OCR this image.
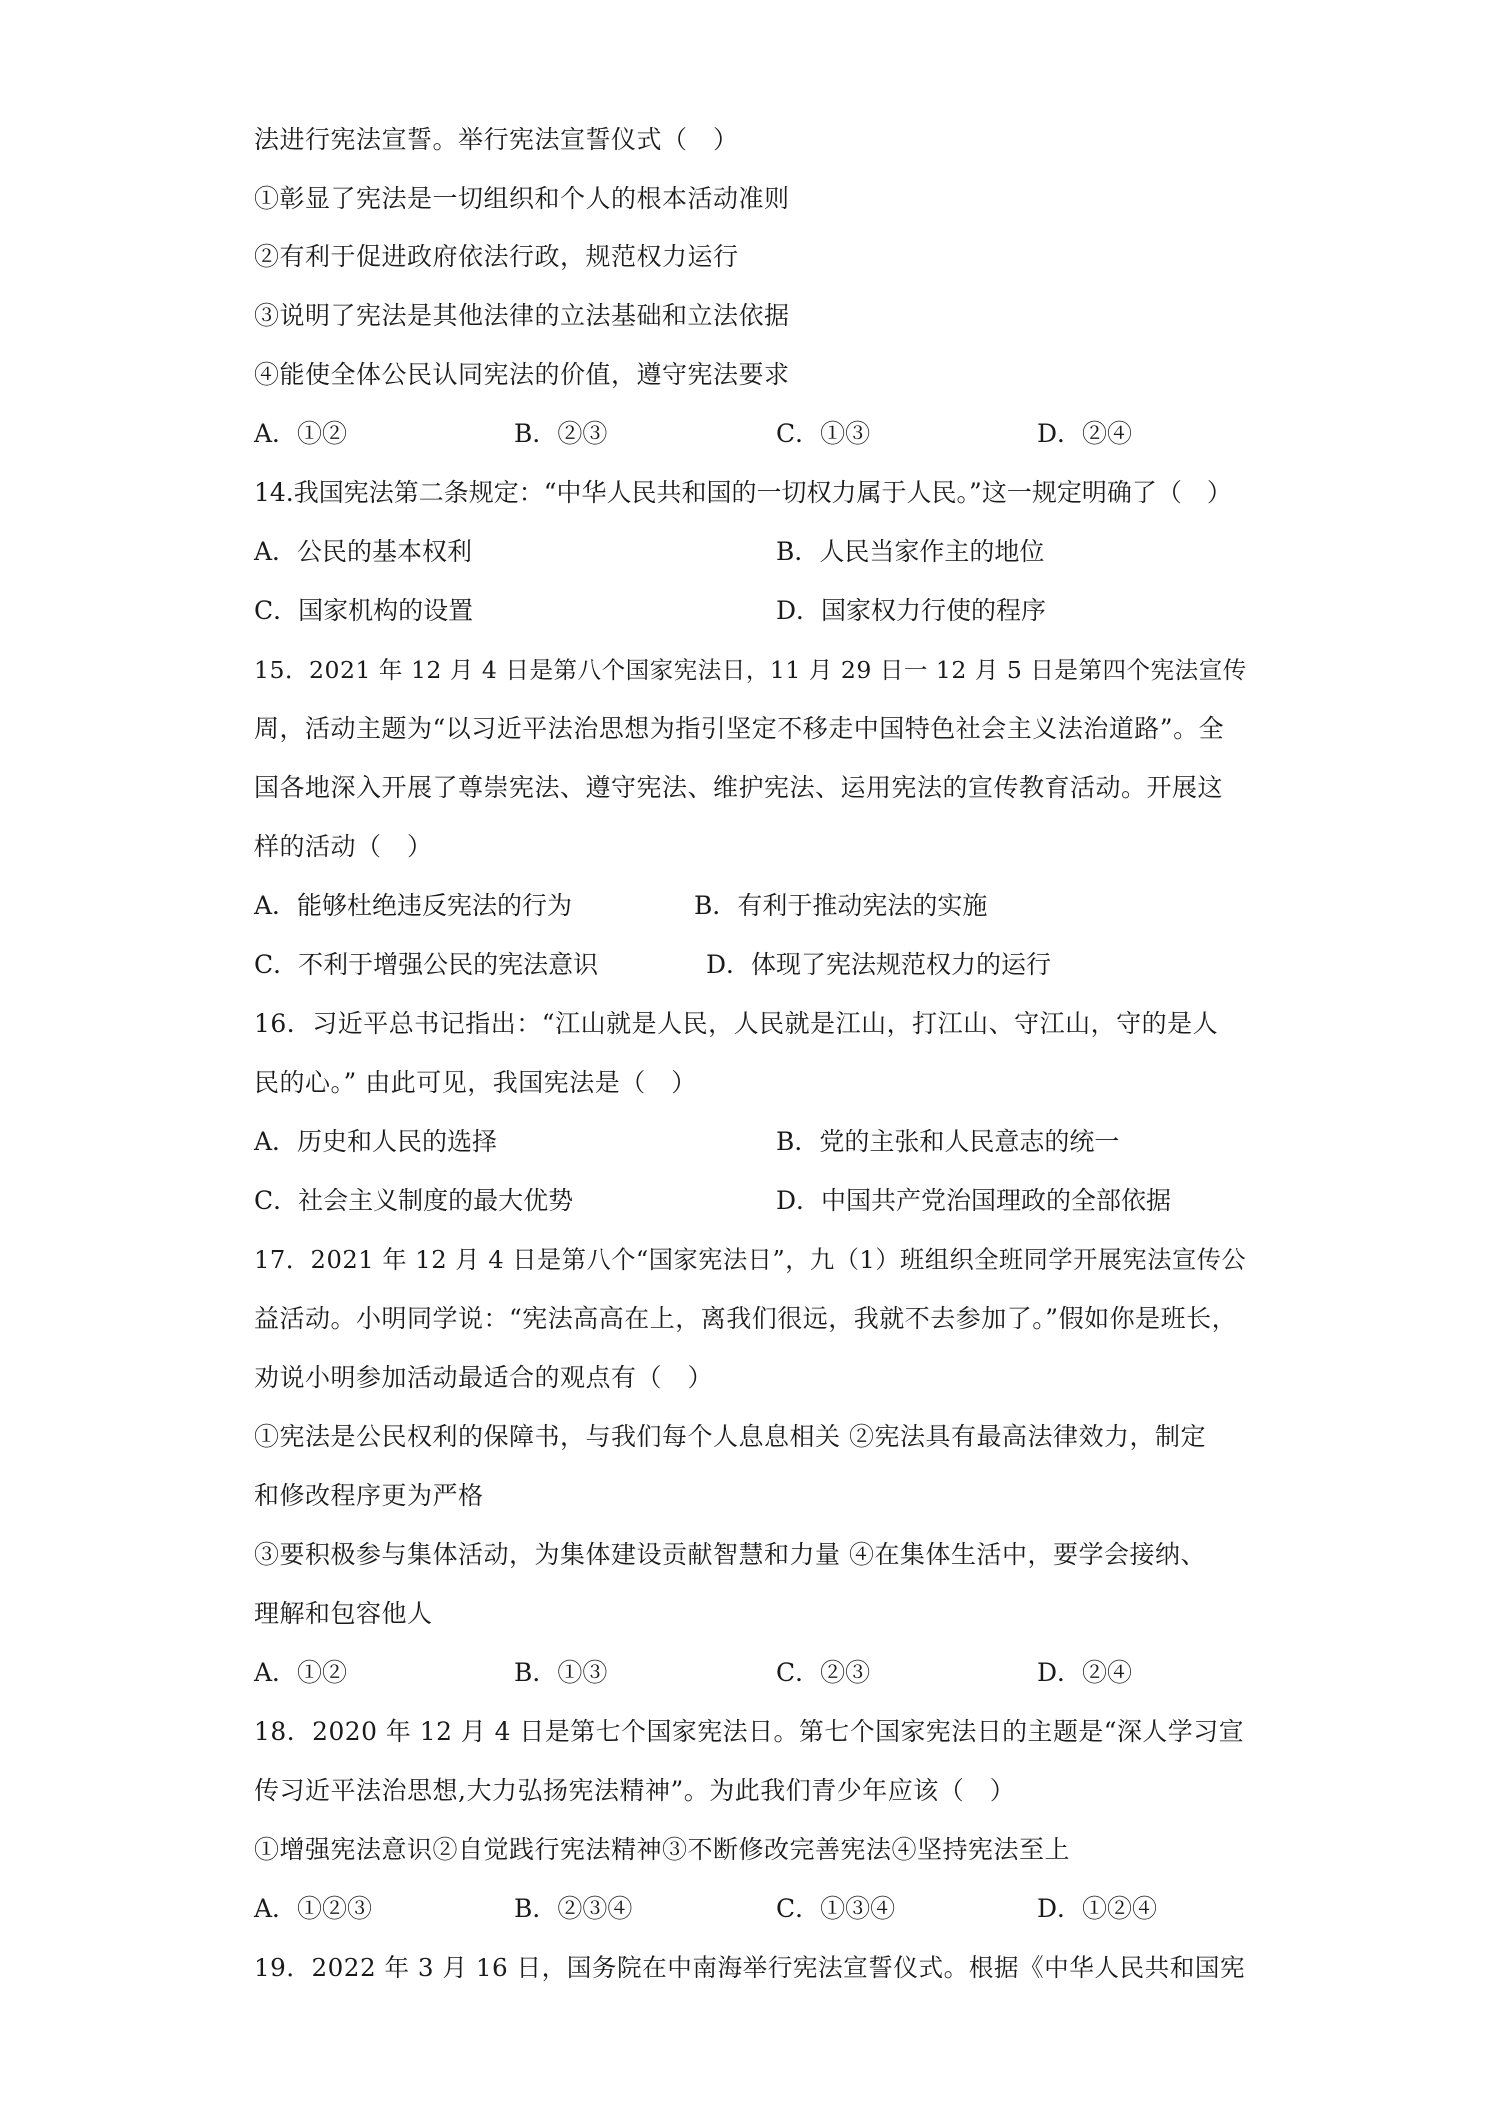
法进行宪法宣誓。举行宪法宣誓仪式（　）
①彰显了宪法是一切组织和个人的根本活动准则
②有利于促进政府依法行政，规范权力运行
③说明了宪法是其他法律的立法基础和立法依据
④能使全体公民认同宪法的价值，遵守宪法要求
A．①②	B．②③	C．①③	D．②④
14.我国宪法第二条规定：“中华人民共和国的一切权力属于人民。”这一规定明确了（　）
A．公民的基本权利	B．人民当家作主的地位
C．国家机构的设置	D．国家权力行使的程序
15．2021 年 12 月 4 日是第八个国家宪法日，11 月 29 日一 12 月 5 日是第四个宪法宣传
周，活动主题为“以习近平法治思想为指引坚定不移走中国特色社会主义法治道路”。全
国各地深入开展了尊崇宪法、遵守宪法、维护宪法、运用宪法的宣传教育活动。开展这
样的活动（　）
A．能够杜绝违反宪法的行为	B．有利于推动宪法的实施
C．不利于增强公民的宪法意识	D．体现了宪法规范权力的运行
16．习近平总书记指出：“江山就是人民，人民就是江山，打江山、守江山，守的是人
民的心。” 由此可见，我国宪法是（　）
A．历史和人民的选择	B．党的主张和人民意志的统一
C．社会主义制度的最大优势	D．中国共产党治国理政的全部依据
17．2021 年 12 月 4 日是第八个“国家宪法日”，九（1）班组织全班同学开展宪法宣传公
益活动。小明同学说：“宪法高高在上，离我们很远，我就不去参加了。”假如你是班长，
劝说小明参加活动最适合的观点有（　）
①宪法是公民权利的保障书，与我们每个人息息相关 ②宪法具有最高法律效力，制定
和修改程序更为严格
③要积极参与集体活动，为集体建设贡献智慧和力量 ④在集体生活中，要学会接纳、
理解和包容他人
A．①②	B．①③	C．②③	D．②④
18．2020 年 12 月 4 日是第七个国家宪法日。第七个国家宪法日的主题是“深人学习宣
传习近平法治思想,大力弘扬宪法精神”。为此我们青少年应该（　）
①增强宪法意识②自觉践行宪法精神③不断修改完善宪法④坚持宪法至上
A．①②③	B．②③④	C．①③④	D．①②④
19．2022 年 3 月 16 日，国务院在中南海举行宪法宣誓仪式。根据《中华人民共和国宪
